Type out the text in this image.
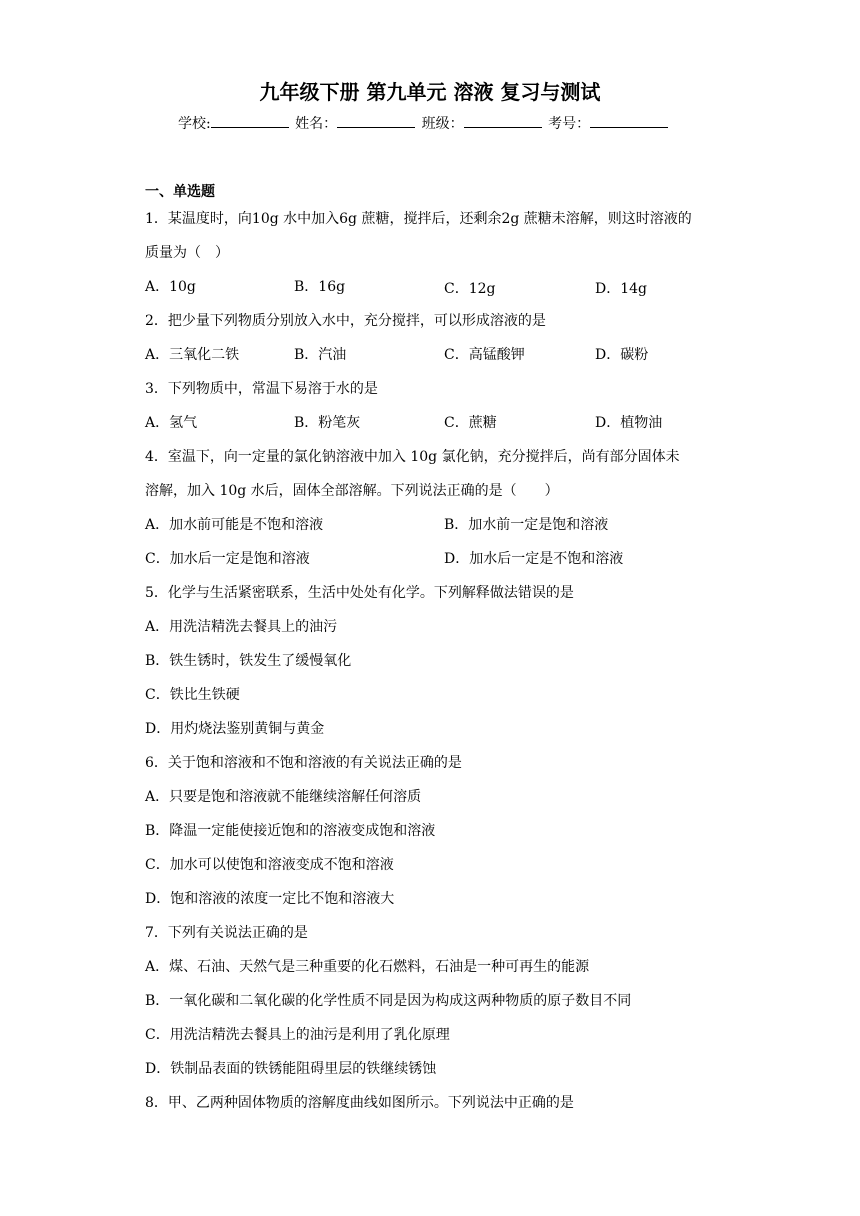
九年级下册 第九单元 溶液 复习与测试
学校:	姓名：	班级：	考号：
一、单选题
1．某温度时，向10g 水中加入6g 蔗糖，搅拌后，还剩余2g 蔗糖未溶解，则这时溶液的
质量为（　）
A．10g	B．16g	C．12g	D．14g
2．把少量下列物质分别放入水中，充分搅拌，可以形成溶液的是
A．三氧化二铁	B．汽油	C．高锰酸钾	D．碳粉
3．下列物质中，常温下易溶于水的是
A．氢气	B．粉笔灰	C．蔗糖	D．植物油
4．室温下，向一定量的氯化钠溶液中加入 10g 氯化钠，充分搅拌后，尚有部分固体未
溶解，加入 10g 水后，固体全部溶解。下列说法正确的是（　　）
A．加水前可能是不饱和溶液	B．加水前一定是饱和溶液
C．加水后一定是饱和溶液	D．加水后一定是不饱和溶液
5．化学与生活紧密联系，生活中处处有化学。下列解释做法错误的是
A．用洗洁精洗去餐具上的油污
B．铁生锈时，铁发生了缓慢氧化
C．铁比生铁硬
D．用灼烧法鉴别黄铜与黄金
6．关于饱和溶液和不饱和溶液的有关说法正确的是
A．只要是饱和溶液就不能继续溶解任何溶质
B．降温一定能使接近饱和的溶液变成饱和溶液
C．加水可以使饱和溶液变成不饱和溶液
D．饱和溶液的浓度一定比不饱和溶液大
7．下列有关说法正确的是
A．煤、石油、天然气是三种重要的化石燃料，石油是一种可再生的能源
B．一氧化碳和二氧化碳的化学性质不同是因为构成这两种物质的原子数目不同
C．用洗洁精洗去餐具上的油污是利用了乳化原理
D．铁制品表面的铁锈能阻碍里层的铁继续锈蚀
8．甲、乙两种固体物质的溶解度曲线如图所示。下列说法中正确的是
